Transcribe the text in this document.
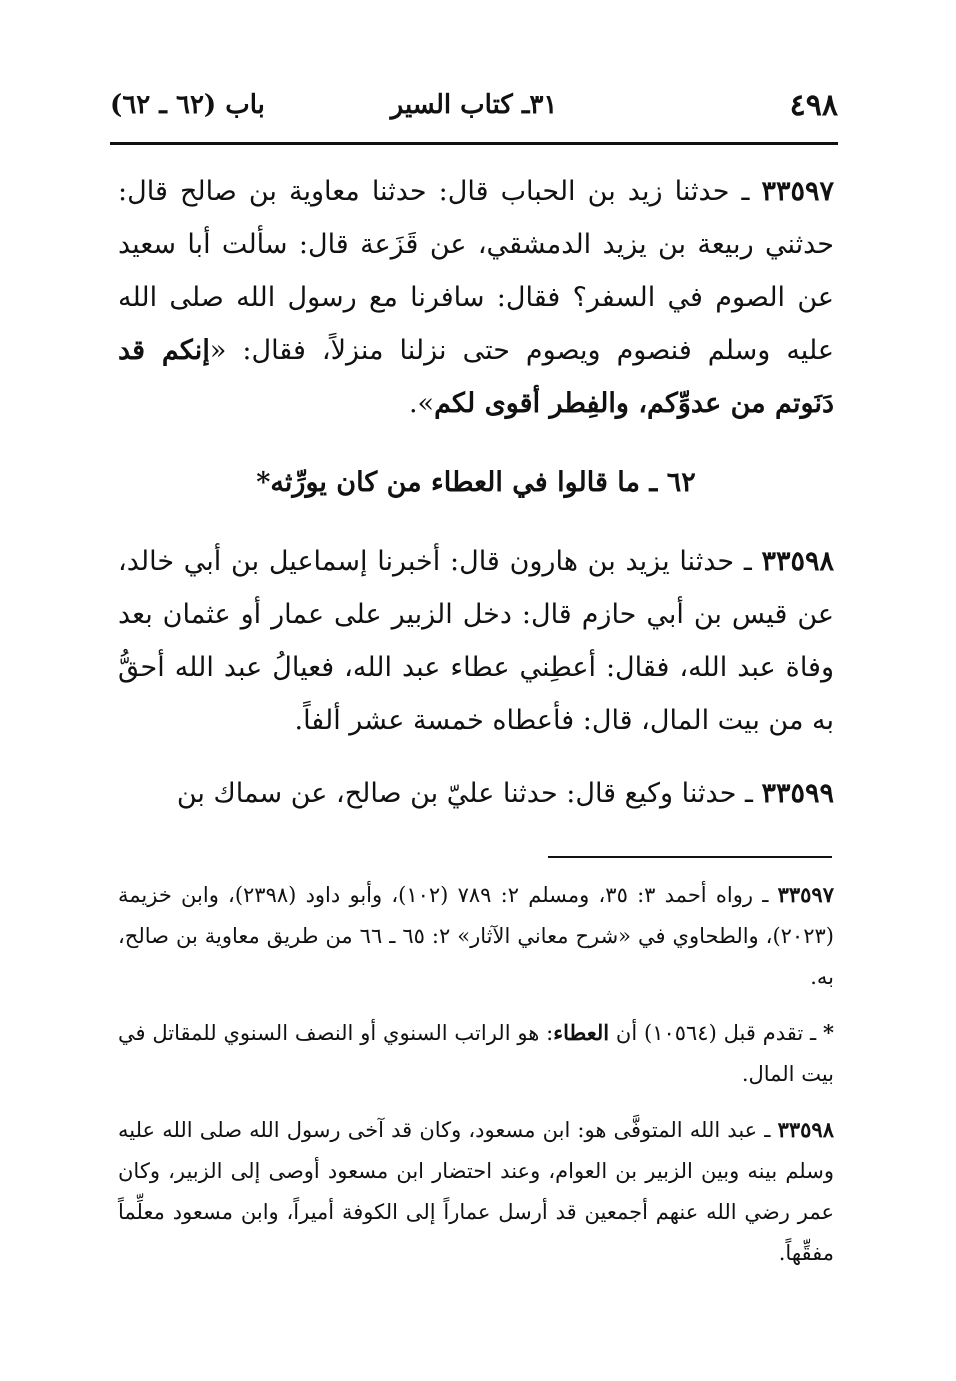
٤٩٨
٣١ـ كتاب السير
باب (٦٢ ـ ٦٢)

٣٣٥٩٧ ـ حدثنا زيد بن الحباب قال: حدثنا معاوية بن صالح قال: حدثني ربيعة بن يزيد الدمشقي، عن قَزَعة قال: سألت أبا سعيد عن الصوم في السفر؟ فقال: سافرنا مع رسول الله صلى الله عليه وسلم فنصوم ويصوم حتى نزلنا منزلاً، فقال: «إنكم قد دَنَوتم من عدوِّكم، والفِطر أقوى لكم».

٦٢ ـ ما قالوا في العطاء من كان يورِّثه*

٣٣٥٩٨ ـ حدثنا يزيد بن هارون قال: أخبرنا إسماعيل بن أبي خالد، عن قيس بن أبي حازم قال: دخل الزبير على عمار أو عثمان بعد وفاة عبد الله، فقال: أعطِني عطاء عبد الله، فعيالُ عبد الله أحقُّ به من بيت المال، قال: فأعطاه خمسة عشر ألفاً.

٣٣٥٩٩ ـ حدثنا وكيع قال: حدثنا عليّ بن صالح، عن سماك بن

٣٣٥٩٧ ـ رواه أحمد ٣: ٣٥، ومسلم ٢: ٧٨٩ (١٠٢)، وأبو داود (٢٣٩٨)، وابن خزيمة (٢٠٢٣)، والطحاوي في «شرح معاني الآثار» ٢: ٦٥ ـ ٦٦ من طريق معاوية بن صالح، به.

* ـ تقدم قبل (١٠٥٦٤) أن العطاء: هو الراتب السنوي أو النصف السنوي للمقاتل في بيت المال.

٣٣٥٩٨ ـ عبد الله المتوفَّى هو: ابن مسعود، وكان قد آخى رسول الله صلى الله عليه وسلم بينه وبين الزبير بن العوام، وعند احتضار ابن مسعود أوصى إلى الزبير، وكان عمر رضي الله عنهم أجمعين قد أرسل عماراً إلى الكوفة أميراً، وابن مسعود معلِّماً مفقِّهاً.
